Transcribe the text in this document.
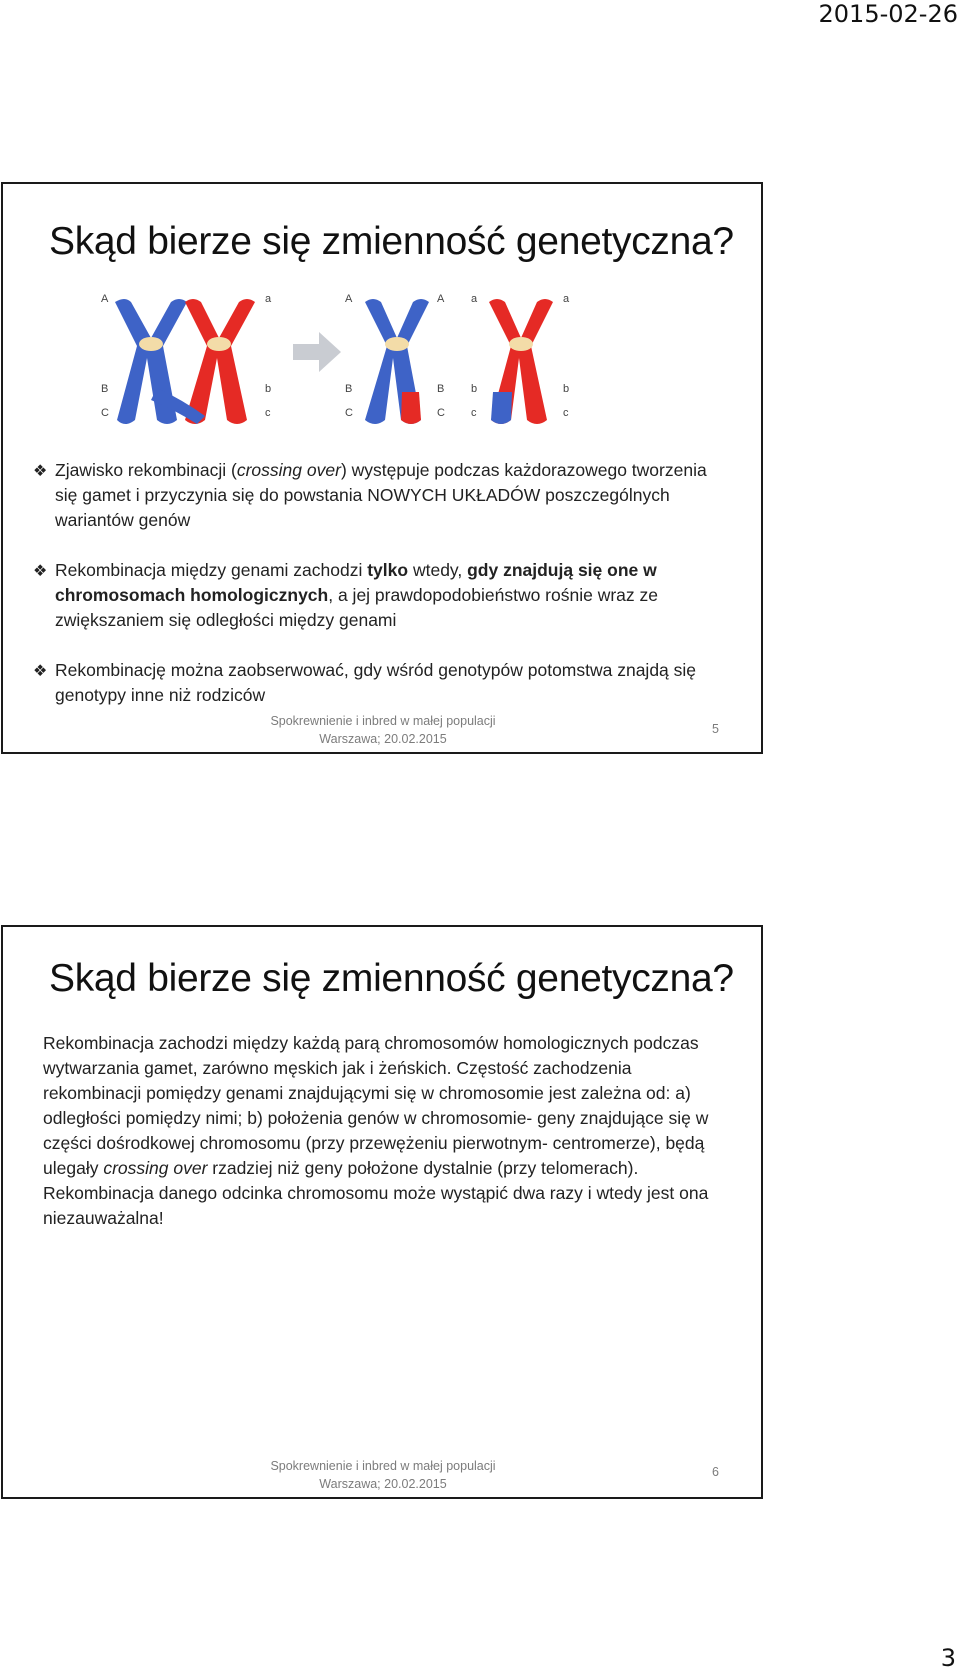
2015-02-26
Skąd bierze się zmienność genetyczna?
A	a
B	b
C	c
A	A a	a
B	B b	b
C	C c	c
❖ Zjawisko rekombinacji (crossing over) występuje podczas każdorazowego tworzenia się gamet i przyczynia się do powstania NOWYCH UKŁADÓW poszczególnych wariantów genów
❖ Rekombinacja między genami zachodzi tylko wtedy, gdy znajdują się one w chromosomach homologicznych, a jej prawdopodobieństwo rośnie wraz ze zwiększaniem się odległości między genami
❖ Rekombinację można zaobserwować, gdy wśród genotypów potomstwa znajdą się genotypy inne niż rodziców
Spokrewnienie i inbred w małej populacji
Warszawa; 20.02.2015
5
Skąd bierze się zmienność genetyczna?

Rekombinacja zachodzi między każdą parą chromosomów homologicznych podczas wytwarzania gamet, zarówno męskich jak i żeńskich. Częstość zachodzenia rekombinacji pomiędzy genami znajdującymi się w chromosomie jest zależna od: a) odległości pomiędzy nimi; b) położenia genów w chromosomie- geny znajdujące się w części dośrodkowej chromosomu (przy przewężeniu pierwotnym- centromerze), będą ulegały crossing over rzadziej niż geny położone dystalnie (przy telomerach). Rekombinacja danego odcinka chromosomu może wystąpić dwa razy i wtedy jest ona niezauważalna!

Spokrewnienie i inbred w małej populacji
Warszawa; 20.02.2015
6
3
